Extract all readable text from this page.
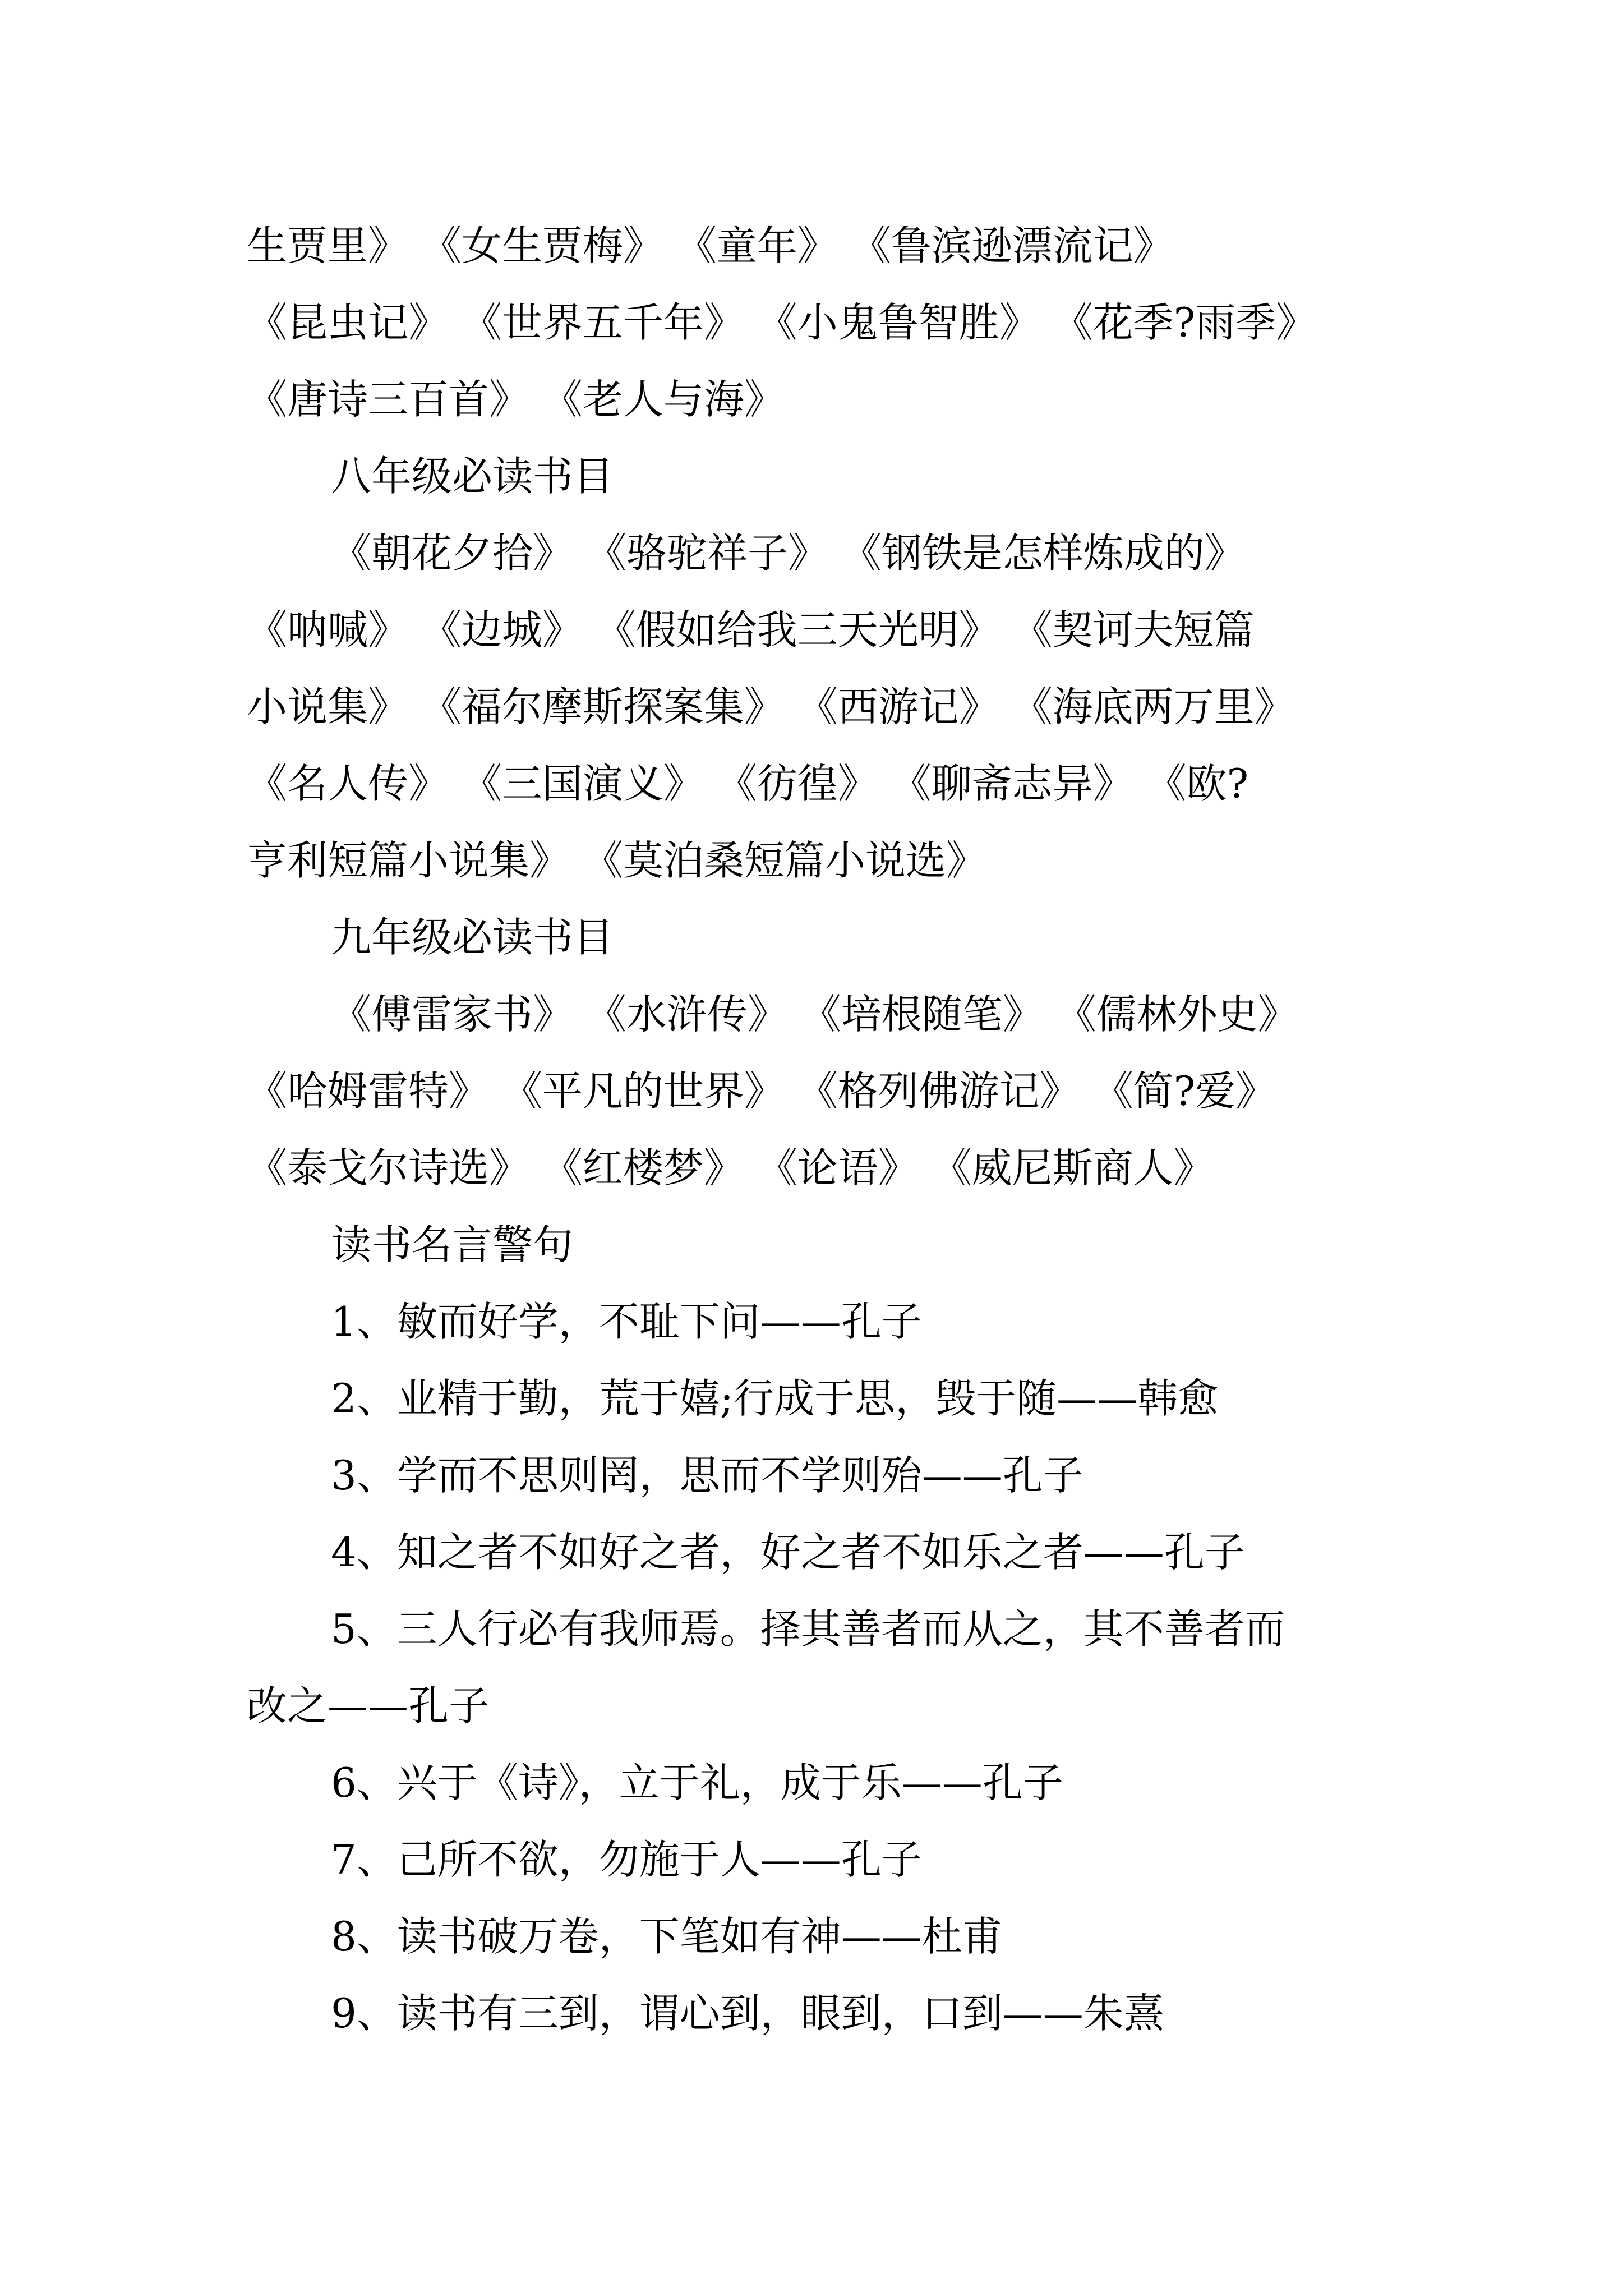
生贾里》 《女生贾梅》 《童年》 《鲁滨逊漂流记》
《昆虫记》 《世界五千年》 《小鬼鲁智胜》 《花季?雨季》
《唐诗三百首》 《老人与海》
八年级必读书目
《朝花夕拾》 《骆驼祥子》 《钢铁是怎样炼成的》
《呐喊》 《边城》 《假如给我三天光明》 《契诃夫短篇
小说集》 《福尔摩斯探案集》 《西游记》 《海底两万里》
《名人传》 《三国演义》 《彷徨》 《聊斋志异》 《欧?
亨利短篇小说集》 《莫泊桑短篇小说选》
九年级必读书目
《傅雷家书》 《水浒传》 《培根随笔》 《儒林外史》
《哈姆雷特》 《平凡的世界》 《格列佛游记》 《简?爱》
《泰戈尔诗选》 《红楼梦》 《论语》 《威尼斯商人》
读书名言警句
1、敏而好学，不耻下问——孔子
2、业精于勤，荒于嬉;行成于思，毁于随——韩愈
3、学而不思则罔，思而不学则殆——孔子
4、知之者不如好之者，好之者不如乐之者——孔子
5、三人行必有我师焉。择其善者而从之，其不善者而
改之——孔子
6、兴于《诗》，立于礼，成于乐——孔子
7、己所不欲，勿施于人——孔子
8、读书破万卷，下笔如有神——杜甫
9、读书有三到，谓心到，眼到，口到——朱熹
